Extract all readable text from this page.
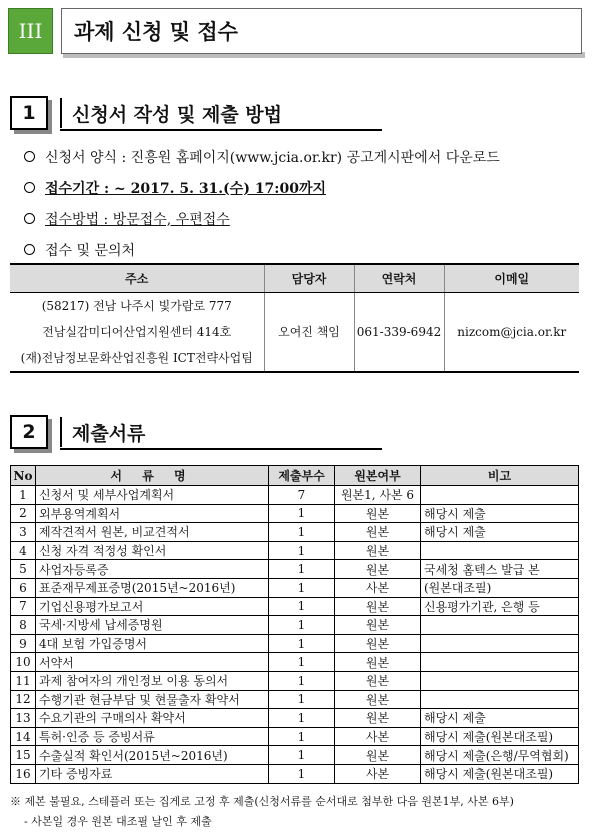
III	과제 신청 및 접수
1	신청서 작성 및 제출 방법
신청서 양식 : 진흥원 홈페이지(www.jcia.or.kr) 공고게시판에서 다운로드
접수기간 : ~ 2017. 5. 31.(수) 17:00까지
접수방법 : 방문접수, 우편접수
접수 및 문의처
주소	담당자	연락처	이메일

(58217) 전남 나주시 빛가람로 777
전남실감미디어산업지원센터 414호
(재)전남정보문화산업진흥원 ICT전략사업팀	오여진 책임	061-339-6942	nizcom@jcia.or.kr
2	제출서류
No	서 류 명	제출부수	원본여부	비고
1	신청서 및 세부사업계획서	7	원본1, 사본 6	
2	외부용역계획서	1	원본	해당시 제출
3	제작견적서 원본, 비교견적서	1	원본	해당시 제출
4	신청 자격 적정성 확인서	1	원본	
5	사업자등록증	1	원본	국세청 홈텍스 발급 본
6	표준재무제표증명(2015년~2016년)	1	사본	(원본대조필)
7	기업신용평가보고서	1	원본	신용평가기관, 은행 등
8	국세·지방세 납세증명원	1	원본	
9	4대 보험 가입증명서	1	원본	
10	서약서	1	원본	
11	과제 참여자의 개인정보 이용 동의서	1	원본	
12	수행기관 현금부담 및 현물출자 확약서	1	원본	
13	수요기관의 구매의사 확약서	1	원본	해당시 제출
14	특허·인증 등 증빙서류	1	사본	해당시 제출(원본대조필)
15	수출실적 확인서(2015년~2016년)	1	원본	해당시 제출(은행/무역협회)
16	기타 증빙자료	1	사본	해당시 제출(원본대조필)
※ 제본 불필요, 스테플러 또는 집게로 고정 후 제출(신청서류를 순서대로 첨부한 다음 원본1부, 사본 6부)
- 사본일 경우 원본 대조필 날인 후 제출
